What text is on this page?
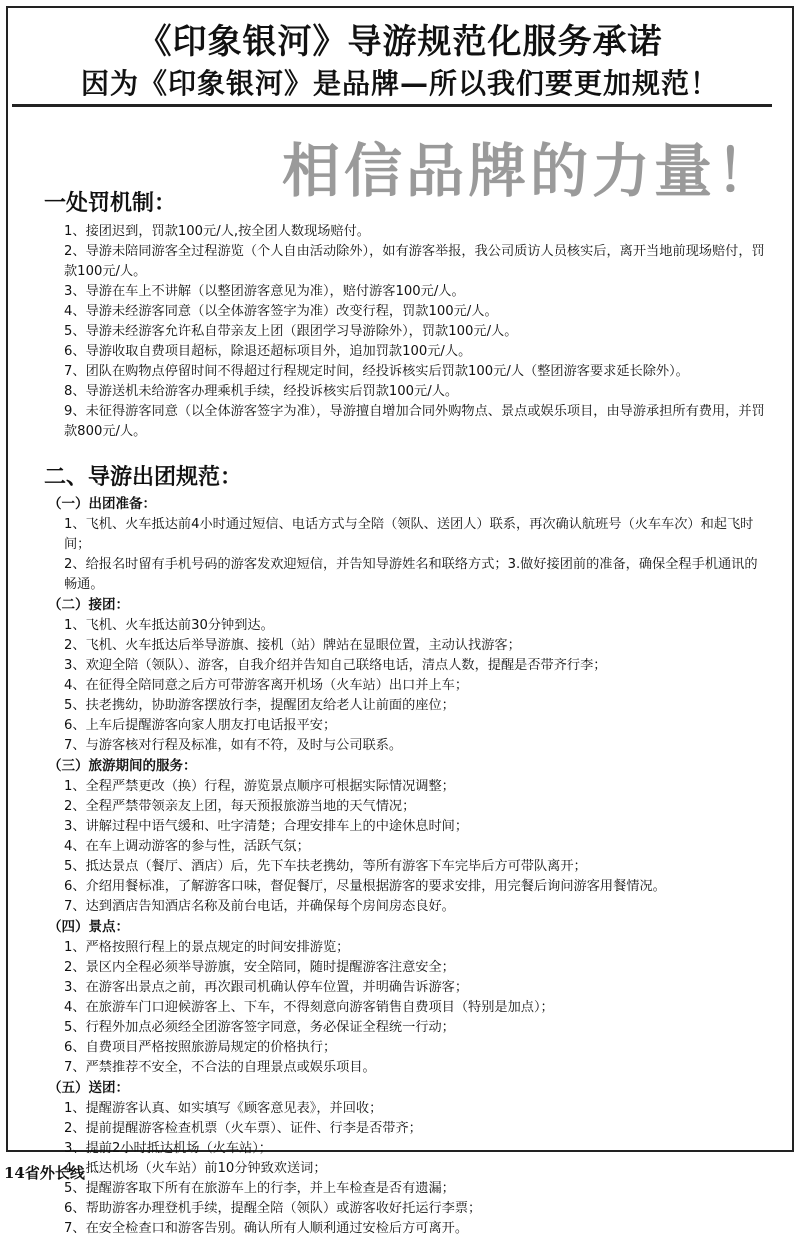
《印象银河》导游规范化服务承诺
因为《印象银河》是品牌—所以我们要更加规范！
相信品牌的力量！
一处罚机制：
1、接团迟到，罚款100元/人,按全团人数现场赔付。
2、导游未陪同游客全过程游览（个人自由活动除外），如有游客举报，我公司质访人员核实后，离开当地前现场赔付，罚款100元/人。
3、导游在车上不讲解（以整团游客意见为准），赔付游客100元/人。
4、导游未经游客同意（以全体游客签字为准）改变行程，罚款100元/人。
5、导游未经游客允许私自带亲友上团（跟团学习导游除外），罚款100元/人。
6、导游收取自费项目超标，除退还超标项目外，追加罚款100元/人。
7、团队在购物点停留时间不得超过行程规定时间，经投诉核实后罚款100元/人（整团游客要求延长除外）。
8、导游送机未给游客办理乘机手续，经投诉核实后罚款100元/人。
9、未征得游客同意（以全体游客签字为准），导游擅自增加合同外购物点、景点或娱乐项目，由导游承担所有费用，并罚款800元/人。
二、导游出团规范：
（一）出团准备：
1、飞机、火车抵达前4小时通过短信、电话方式与全陪（领队、送团人）联系，再次确认航班号（火车车次）和起飞时间；
2、给报名时留有手机号码的游客发欢迎短信，并告知导游姓名和联络方式；3.做好接团前的准备，确保全程手机通讯的畅通。
（二）接团：
1、飞机、火车抵达前30分钟到达。
2、飞机、火车抵达后举导游旗、接机（站）牌站在显眼位置，主动认找游客；
3、欢迎全陪（领队）、游客，自我介绍并告知自己联络电话，清点人数，提醒是否带齐行李；
4、在征得全陪同意之后方可带游客离开机场（火车站）出口并上车；
5、扶老携幼，协助游客摆放行李，提醒团友给老人让前面的座位；
6、上车后提醒游客向家人朋友打电话报平安；
7、与游客核对行程及标准，如有不符，及时与公司联系。
（三）旅游期间的服务：
1、全程严禁更改（换）行程，游览景点顺序可根据实际情况调整；
2、全程严禁带领亲友上团，每天预报旅游当地的天气情况；
3、讲解过程中语气缓和、吐字清楚；合理安排车上的中途休息时间；
4、在车上调动游客的参与性，活跃气氛；
5、抵达景点（餐厅、酒店）后，先下车扶老携幼，等所有游客下车完毕后方可带队离开；
6、介绍用餐标准，了解游客口味，督促餐厅，尽量根据游客的要求安排，用完餐后询问游客用餐情况。
7、达到酒店告知酒店名称及前台电话，并确保每个房间房态良好。
（四）景点：
1、严格按照行程上的景点规定的时间安排游览；
2、景区内全程必须举导游旗，安全陪同，随时提醒游客注意安全；
3、在游客出景点之前，再次跟司机确认停车位置，并明确告诉游客；
4、在旅游车门口迎候游客上、下车，不得刻意向游客销售自费项目（特别是加点）；
5、行程外加点必须经全团游客签字同意，务必保证全程统一行动；
6、自费项目严格按照旅游局规定的价格执行；
7、严禁推荐不安全，不合法的自理景点或娱乐项目。
（五）送团：
1、提醒游客认真、如实填写《顾客意见表》，并回收；
2、提前提醒游客检查机票（火车票）、证件、行李是否带齐；
3、提前2小时抵达机场（火车站）；
4、抵达机场（火车站）前10分钟致欢送词；
5、提醒游客取下所有在旅游车上的行李，并上车检查是否有遗漏；
6、帮助游客办理登机手续，提醒全陪（领队）或游客收好托运行李票；
7、在安全检查口和游客告别。确认所有人顺利通过安检后方可离开。
14省外长线
